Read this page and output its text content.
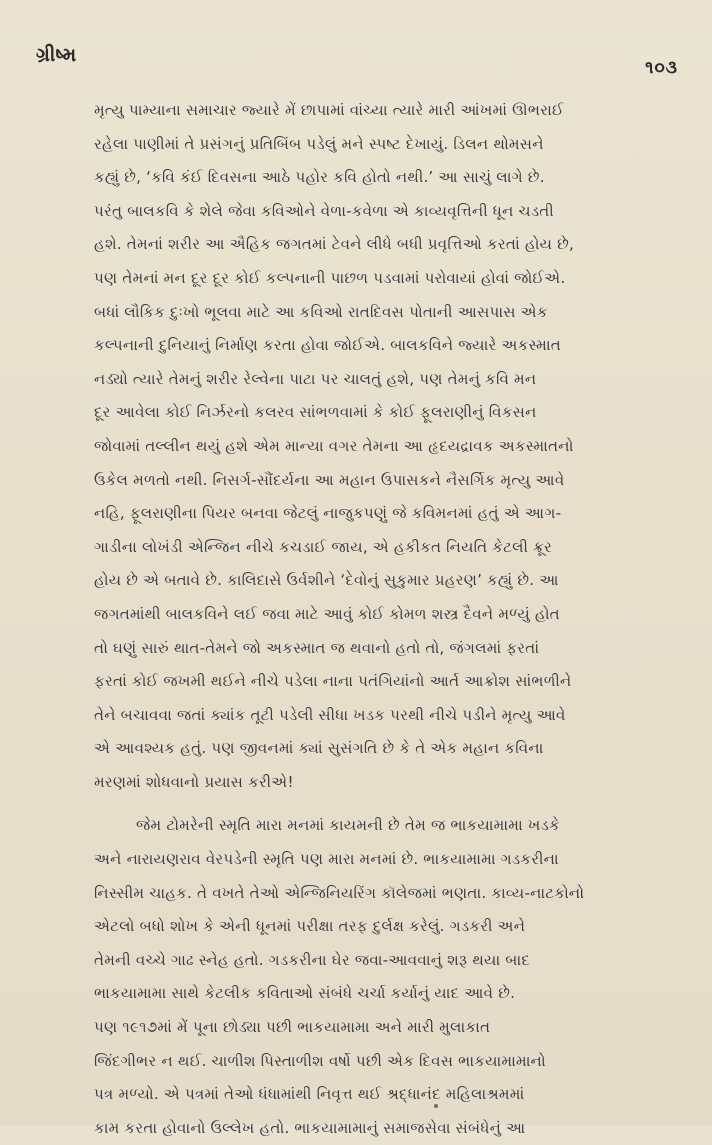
ગ્રીષ્મ
૧૦૩
મૃત્યુ પામ્યાના સમાચાર જ્યારે મેં છાપામાં વાંચ્યા ત્યારે મારી આંખમાં ઊભરાઈ
રહેલા પાણીમાં તે પ્રસંગનું પ્રતિબિંબ પડેલું મને સ્પષ્ટ દેખાયું. ડિલન થોમસને
કહ્યું છે, ‘કવિ કંઈ દિવસના આઠે પહોર કવિ હોતો નથી.’ આ સાચું લાગે છે.
પરંતુ બાલકવિ કે શેલે જેવા કવિઓને વેળા-કવેળા એ કાવ્યવૃત્તિની ધૂન ચડતી
હશે. તેમનાં શરીર આ ઐહિક જગતમાં ટેવને લીધે બધી પ્રવૃત્તિઓ કરતાં હોય છે,
પણ તેમનાં મન દૂર દૂર કોઈ કલ્પનાની પાછળ પડવામાં પરોવાયાં હોવાં જોઈએ.
બધાં લૌકિક દુઃખો ભૂલવા માટે આ કવિઓ રાતદિવસ પોતાની આસપાસ એક
કલ્પનાની દુનિયાનું નિર્માણ કરતા હોવા જોઈએ. બાલકવિને જ્યારે અકસ્માત
નડ્યો ત્યારે તેમનું શરીર રેલ્વેના પાટા પર ચાલતું હશે, પણ તેમનું કવિ મન
દૂર આવેલા કોઈ નિર્ઝરનો કલરવ સાંભળવામાં કે કોઈ ફૂલરાણીનું વિકસન
જોવામાં તલ્લીન થયું હશે એમ માન્યા વગર તેમના આ હૃદયદ્રાવક અકસ્માતનો
ઉકેલ મળતો નથી. નિસર્ગ-સૌંદર્યના આ મહાન ઉપાસકને નૈસર્ગિક મૃત્યુ આવે
નહિ, ફૂલરાણીના પિયર બનવા જેટલું નાજુકપણું જે કવિમનમાં હતું એ આગ-
ગાડીના લોખંડી એન્જિન નીચે કચડાઈ જાય, એ હકીકત નિયતિ કેટલી ક્રૂર
હોય છે એ બતાવે છે. કાલિદાસે ઉર્વશીને ‘દેવોનું સુકુમાર પ્રહરણ’ કહ્યું છે. આ
જગતમાંથી બાલકવિને લઈ જવા માટે આવું કોઈ કોમળ શસ્ત્ર દૈવને મળ્યું હોત
તો ઘણું સારું થાત-તેમને જો અકસ્માત જ થવાનો હતો તો, જંગલમાં ફરતાં
ફરતાં કોઈ જખમી થઈને નીચે પડેલા નાના પતંગિયાંનો આર્ત આક્રોશ સાંભળીને
તેને બચાવવા જતાં ક્યાંક તૂટી પડેલી સીધા ખડક પરથી નીચે પડીને મૃત્યુ આવે
એ આવશ્યક હતું. પણ જીવનમાં ક્યાં સુસંગતિ છે કે તે એક મહાન કવિના
મરણમાં શોધવાનો પ્રયાસ કરીએ!
જેમ ટોમરેની સ્મૃતિ મારા મનમાં કાયમની છે તેમ જ ભાકયામામા ખડકે
અને નારાયણરાવ વેરપડેની સ્મૃતિ પણ મારા મનમાં છે. ભાકયામામા ગડકરીના
નિસ્સીમ ચાહક. તે વખતે તેઓ એન્જિનિયરિંગ કૉલેજમાં ભણતા. કાવ્ય-નાટકોનો
એટલો બધો શોખ કે એની ધૂનમાં પરીક્ષા તરફ દુર્લક્ષ કરેલું. ગડકરી અને
તેમની વચ્ચે ગાઢ સ્નેહ હતો. ગડકરીના ઘેર જવા-આવવાનું શરૂ થયા બાદ
ભાકયામામા સાથે કેટલીક કવિતાઓ સંબંધે ચર્ચા કર્યાનું યાદ આવે છે.
પણ ૧૯૧૭માં મેં પૂના છોડ્યા પછી ભાકયામામા અને મારી મુલાકાત
જિંદગીભર ન થઈ. ચાળીશ પિસ્તાળીશ વર્ષો પછી એક દિવસ ભાકયામામાનો
પત્ર મળ્યો. એ પત્રમાં તેઓ ધંધામાંથી નિવૃત્ત થઈ શ્રદ્ધાનંદ મહિલાશ્રમમાં
કામ કરતા હોવાનો ઉલ્લેખ હતો. ભાકયામામાનું સમાજસેવા સંબંધેનું આ
